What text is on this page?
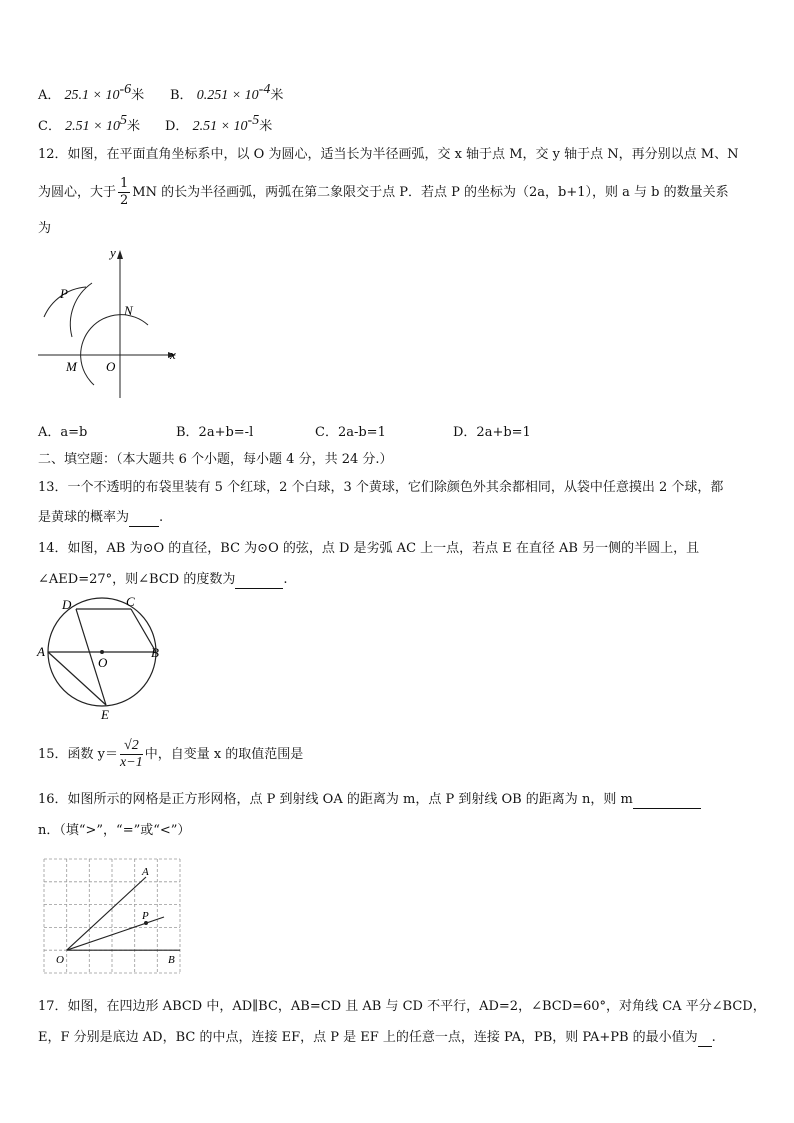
A． $25.1 \times 10^{-6}$米 B． $0.251 \times 10^{-4}$米
C． $2.51 \times 10^5$米 D． $2.51 \times 10^{-5}$米
12．如图，在平面直角坐标系中，以 O 为圆心，适当长为半径画弧，交 x 轴于点 M，交 y 轴于点 N，再分别以点 M、N
为圆心，大于 $\frac{1}{2}$ MN 的长为半径画弧，两弧在第二象限交于点 P．若点 P 的坐标为（2a，b+1），则 a 与 b 的数量关系
为
y
x
P
N
M O
A．a=b	B．2a+b=-l	C．2a-b=1	D．2a+b=1
二、填空题：（本大题共 6 个小题，每小题 4 分，共 24 分.）
13．一个不透明的布袋里装有 5 个红球，2 个白球，3 个黄球，它们除颜色外其余都相同，从袋中任意摸出 2 个球，都
是黄球的概率为 .
14．如图，AB 为⊙O 的直径，BC 为⊙O 的弦，点 D 是劣弧 AC 上一点，若点 E 在直径 AB 另一侧的半圆上，且
∠AED=27°，则∠BCD 的度数为	.
D	C
A	B
O
E
15．函数 $y= \frac{√2}{x-1}$ 中，自变量 x 的取值范围是
16．如图所示的网格是正方形网格，点 P 到射线 OA 的距离为 m，点 P 到射线 OB 的距离为 n，则 m
n．（填“>”，“=”或“<”）
A
P
O	B
17．如图，在四边形 ABCD 中，AD∥BC，AB=CD 且 AB 与 CD 不平行，AD=2，∠BCD=60°，对角线 CA 平分∠BCD，
E，F 分别是底边 AD，BC 的中点，连接 EF，点 P 是 EF 上的任意一点，连接 PA，PB，则 PA+PB 的最小值为 .
